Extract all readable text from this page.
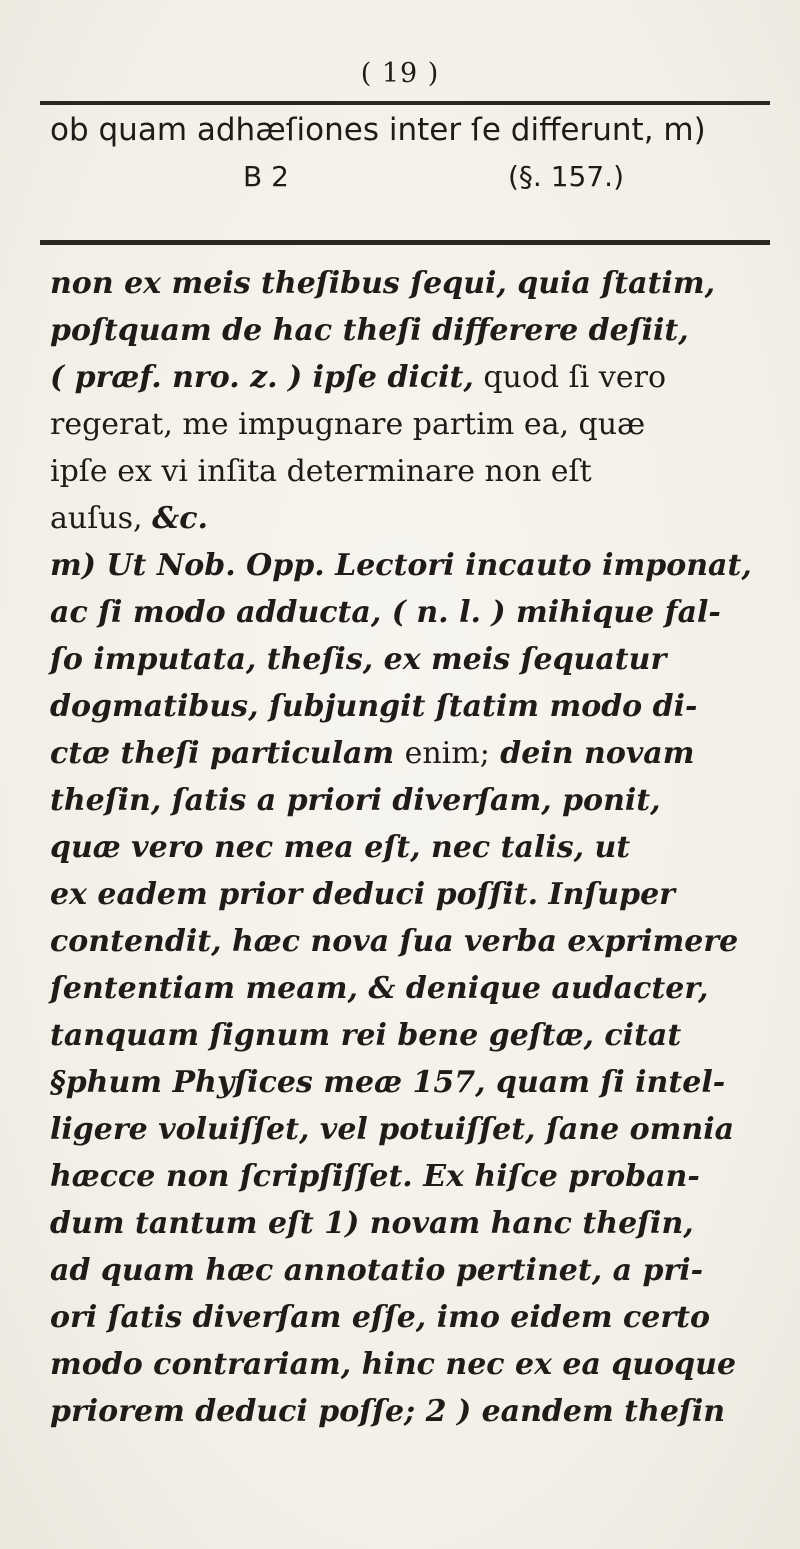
( 19 )
ob quam adhæſiones inter ſe differunt, m)
B 2	(§. 157.)
non ex meis theſibus ſequi, quia ſtatim,
poſtquam de hac theſi differere deſiit,
( præf. nro. z. ) ipſe dicit, quod ſi vero
regerat, me impugnare partim ea, quæ
ipſe ex vi inſita determinare non eſt
auſus, &c.
m) Ut Nob. Opp. Lectori incauto imponat,
ac ſi modo adducta, ( n. l. ) mihique fal-
ſo imputata, theſis, ex meis ſequatur
dogmatibus, ſubjungit ſtatim modo di-
ctæ theſi particulam enim; dein novam
theſin, ſatis a priori diverſam, ponit,
quæ vero nec mea eſt, nec talis, ut
ex eadem prior deduci poſſit. Inſuper
contendit, hæc nova ſua verba exprimere
ſententiam meam, & denique audacter,
tanquam ſignum rei bene geſtæ, citat
§phum Phyſices meæ 157, quam ſi intel-
ligere voluiſſet, vel potuiſſet, ſane omnia
hæcce non ſcripſiſſet. Ex hiſce proban-
dum tantum eſt 1) novam hanc theſin,
ad quam hæc annotatio pertinet, a pri-
ori ſatis diverſam eſſe, imo eidem certo
modo contrariam, hinc nec ex ea quoque
priorem deduci poſſe; 2 ) eandem theſin
